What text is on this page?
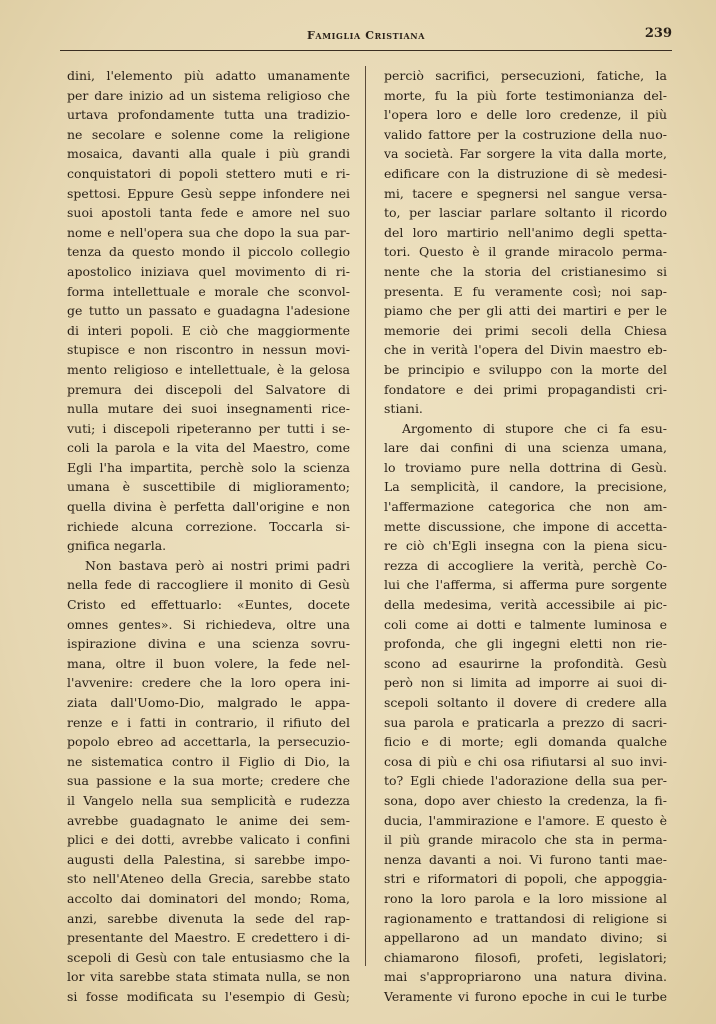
Famiglia Cristiana	239
dini, l'elemento più adatto umanamente
per dare inizio ad un sistema religioso che
urtava profondamente tutta una tradizio-
ne secolare e solenne come la religione
mosaica, davanti alla quale i più grandi
conquistatori di popoli stettero muti e ri-
spettosi. Eppure Gesù seppe infondere nei
suoi apostoli tanta fede e amore nel suo
nome e nell'opera sua che dopo la sua par-
tenza da questo mondo il piccolo collegio
apostolico iniziava quel movimento di ri-
forma intellettuale e morale che sconvol-
ge tutto un passato e guadagna l'adesione
di interi popoli. E ciò che maggiormente
stupisce e non riscontro in nessun movi-
mento religioso e intellettuale, è la gelosa
premura dei discepoli del Salvatore di
nulla mutare dei suoi insegnamenti rice-
vuti; i discepoli ripeteranno per tutti i se-
coli la parola e la vita del Maestro, come
Egli l'ha impartita, perchè solo la scienza
umana è suscettibile di miglioramento;
quella divina è perfetta dall'origine e non
richiede alcuna correzione. Toccarla si-
gnifica negarla.
Non bastava però ai nostri primi padri
nella fede di raccogliere il monito di Gesù
Cristo ed effettuarlo: «Euntes, docete
omnes gentes». Si richiedeva, oltre una
ispirazione divina e una scienza sovru-
mana, oltre il buon volere, la fede nel-
l'avvenire: credere che la loro opera ini-
ziata dall'Uomo-Dio, malgrado le appa-
renze e i fatti in contrario, il rifiuto del
popolo ebreo ad accettarla, la persecuzio-
ne sistematica contro il Figlio di Dio, la
sua passione e la sua morte; credere che
il Vangelo nella sua semplicità e rudezza
avrebbe guadagnato le anime dei sem-
plici e dei dotti, avrebbe valicato i confini
augusti della Palestina, si sarebbe impo-
sto nell'Ateneo della Grecia, sarebbe stato
accolto dai dominatori del mondo; Roma,
anzi, sarebbe divenuta la sede del rap-
presentante del Maestro. E credettero i di-
scepoli di Gesù con tale entusiasmo che la
lor vita sarebbe stata stimata nulla, se non
si fosse modificata su l'esempio di Gesù;
perciò sacrifici, persecuzioni, fatiche, la
morte, fu la più forte testimonianza del-
l'opera loro e delle loro credenze, il più
valido fattore per la costruzione della nuo-
va società. Far sorgere la vita dalla morte,
edificare con la distruzione di sè medesi-
mi, tacere e spegnersi nel sangue versa-
to, per lasciar parlare soltanto il ricordo
del loro martirio nell'animo degli spetta-
tori. Questo è il grande miracolo perma-
nente che la storia del cristianesimo si
presenta. E fu veramente così; noi sap-
piamo che per gli atti dei martiri e per le
memorie dei primi secoli della Chiesa
che in verità l'opera del Divin maestro eb-
be principio e sviluppo con la morte del
fondatore e dei primi propagandisti cri-
stiani.
Argomento di stupore che ci fa esu-
lare dai confini di una scienza umana,
lo troviamo pure nella dottrina di Gesù.
La semplicità, il candore, la precisione,
l'affermazione categorica che non am-
mette discussione, che impone di accetta-
re ciò ch'Egli insegna con la piena sicu-
rezza di accogliere la verità, perchè Co-
lui che l'afferma, si afferma pure sorgente
della medesima, verità accessibile ai pic-
coli come ai dotti e talmente luminosa e
profonda, che gli ingegni eletti non rie-
scono ad esaurirne la profondità. Gesù
però non si limita ad imporre ai suoi di-
scepoli soltanto il dovere di credere alla
sua parola e praticarla a prezzo di sacri-
ficio e di morte; egli domanda qualche
cosa di più e chi osa rifiutarsi al suo invi-
to? Egli chiede l'adorazione della sua per-
sona, dopo aver chiesto la credenza, la fi-
ducia, l'ammirazione e l'amore. E questo è
il più grande miracolo che sta in perma-
nenza davanti a noi. Vi furono tanti mae-
stri e riformatori di popoli, che appoggia-
rono la loro parola e la loro missione al
ragionamento e trattandosi di religione si
appellarono ad un mandato divino; si
chiamarono filosofi, profeti, legislatori;
mai s'appropriarono una natura divina.
Veramente vi furono epoche in cui le turbe
